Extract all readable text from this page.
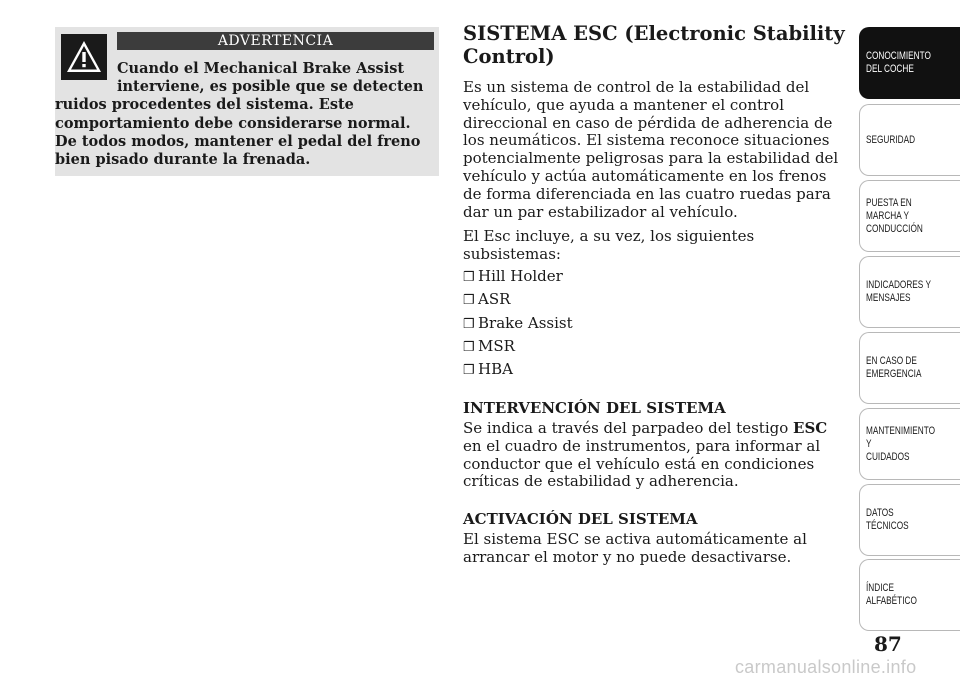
ADVERTENCIA

Cuando el Mechanical Brake Assist interviene, es posible que se detecten ruidos procedentes del sistema. Este comportamiento debe considerarse normal. De todos modos, mantener el pedal del freno bien pisado durante la frenada.

SISTEMA ESC (Electronic Stability Control)

Es un sistema de control de la estabilidad del vehículo, que ayuda a mantener el control direccional en caso de pérdida de adherencia de los neumáticos. El sistema reconoce situaciones potencialmente peligrosas para la estabilidad del vehículo y actúa automáticamente en los frenos de forma diferenciada en las cuatro ruedas para dar un par estabilizador al vehículo.

El Esc incluye, a su vez, los siguientes subsistemas:

❒ Hill Holder
❒ ASR
❒ Brake Assist
❒ MSR
❒ HBA
INTERVENCIÓN DEL SISTEMA

Se indica a través del parpadeo del testigo ESC en el cuadro de instrumentos, para informar al conductor que el vehículo está en condiciones críticas de estabilidad y adherencia.

ACTIVACIÓN DEL SISTEMA

El sistema ESC se activa automáticamente al arrancar el motor y no puede desactivarse.

CONOCIMIENTO
DEL COCHE
SEGURIDAD
PUESTA EN
MARCHA Y
CONDUCCIÓN
INDICADORES Y
MENSAJES
EN CASO DE
EMERGENCIA
MANTENIMIENTO Y
CUIDADOS
DATOS TÉCNICOS
ÍNDICE
ALFABÉTICO
87
carmanualsonline.info
